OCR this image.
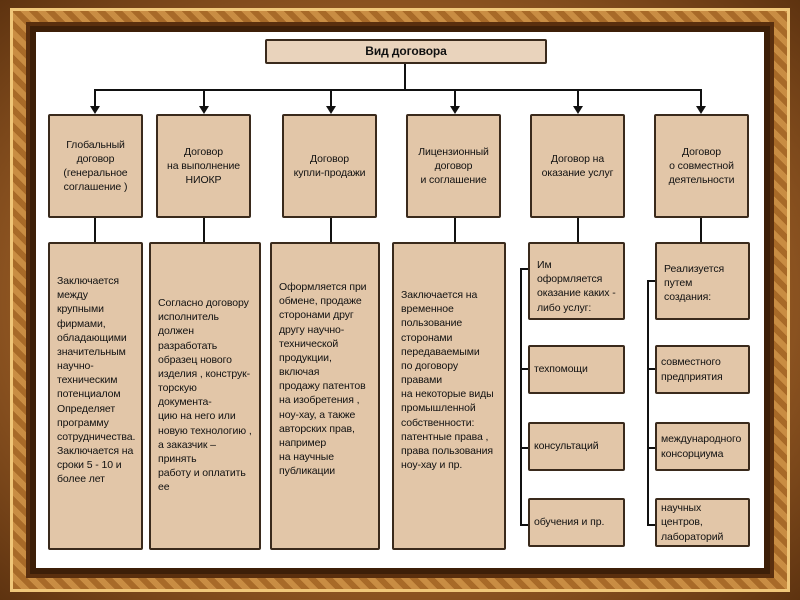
Вид договора
Глобальный
договор
(генеральное
соглашение )
Договор
на выполнение
НИОКР
Договор
купли-продажи
Лицензионный
договор
и соглашение
Договор на
оказание услуг
Договор
о совместной
деятельности
Заключается
между крупными
фирмами,
обладающими
значительным
научно-
техническим
потенциалом
Определяет
программу
сотрудничества.
Заключается на
сроки 5 - 10 и
более лет
Согласно договору
исполнитель должен
разработать
образец нового
изделия , конструк-
торскую документа-
цию на него или
новую технологию ,
а заказчик – принять
работу и оплатить
ее
Оформляется при
обмене, продаже
сторонами друг
другу научно-
технической
продукции, включая
продажу патентов
на изобретения ,
ноу-хау, а также
авторских прав,
например
на научные
публикации
Заключается на
временное
пользование
сторонами
передаваемыми
по договору правами
на некоторые виды
промышленной
собственности:
патентные права ,
права пользования
ноу-хау и пр.
Им оформляется
оказание каких -
либо услуг:
техпомощи
консультаций
обучения и пр.
Реализуется
путем создания:
совместного
предприятия
международного
консорциума
научных
центров,
лабораторий
